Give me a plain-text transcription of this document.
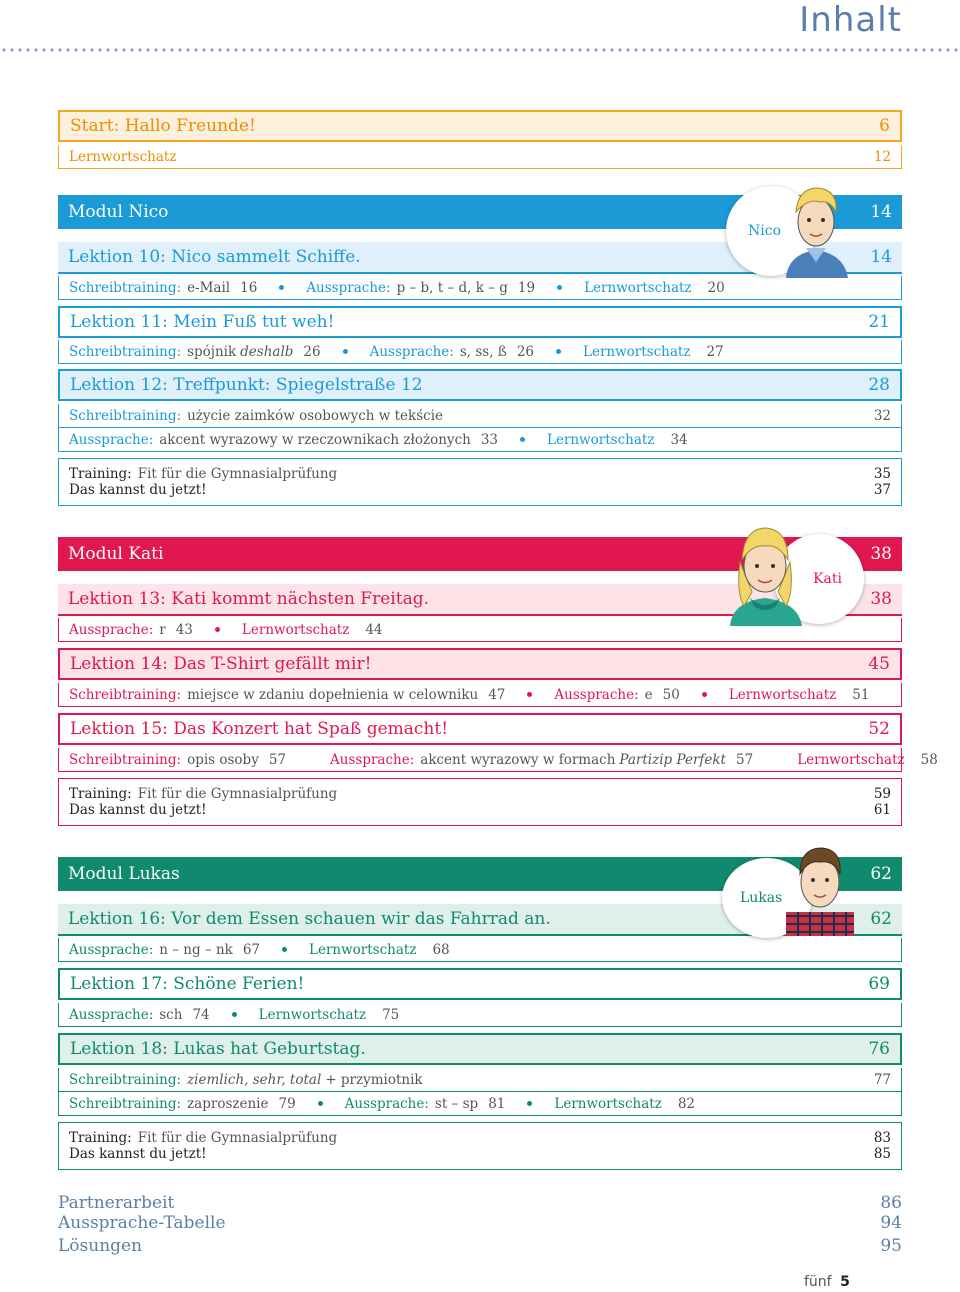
Inhalt
Start: Hallo Freunde!	6
Lernwortschatz	12
Modul Nico	14
Lektion 10: Nico sammelt Schiffe.	14
Schreibtraining: e-Mail 16	Aussprache: p – b, t – d, k – g 19	Lernwortschatz 20
Lektion 11: Mein Fuß tut weh!	21
Schreibtraining: spójnik deshalb 26	Aussprache: s, ss, ß 26	Lernwortschatz 27
Lektion 12: Treffpunkt: Spiegelstraße 12	28
Schreibtraining: użycie zaimków osobowych w tekście	32
Aussprache: akcent wyrazowy w rzeczownikach złożonych 33	Lernwortschatz 34
Training: Fit für die Gymnasialprüfung	35
Das kannst du jetzt!	37
Nico
Modul Kati	38
Lektion 13: Kati kommt nächsten Freitag.	38
Aussprache: r 43	Lernwortschatz 44
Lektion 14: Das T-Shirt gefällt mir!	45
Schreibtraining: miejsce w zdaniu dopełnienia w celowniku 47	Aussprache: e 50	Lernwortschatz 51
Lektion 15: Das Konzert hat Spaß gemacht!	52
Schreibtraining: opis osoby 57	Aussprache: akcent wyrazowy w formach Partizip Perfekt 57	Lernwortschatz 58
Training: Fit für die Gymnasialprüfung	59
Das kannst du jetzt!	61
Kati
Modul Lukas	62
Lektion 16: Vor dem Essen schauen wir das Fahrrad an.	62
Aussprache: n – ng – nk 67	Lernwortschatz 68
Lektion 17: Schöne Ferien!	69
Aussprache: sch 74	Lernwortschatz 75
Lektion 18: Lukas hat Geburtstag.	76
Schreibtraining: ziemlich, sehr, total + przymiotnik	77
Schreibtraining: zaproszenie 79	Aussprache: st – sp 81	Lernwortschatz 82
Training: Fit für die Gymnasialprüfung	83
Das kannst du jetzt!	85
Lukas
Partnerarbeit	86
Aussprache-Tabelle	94
Lösungen	95
fünf 5
